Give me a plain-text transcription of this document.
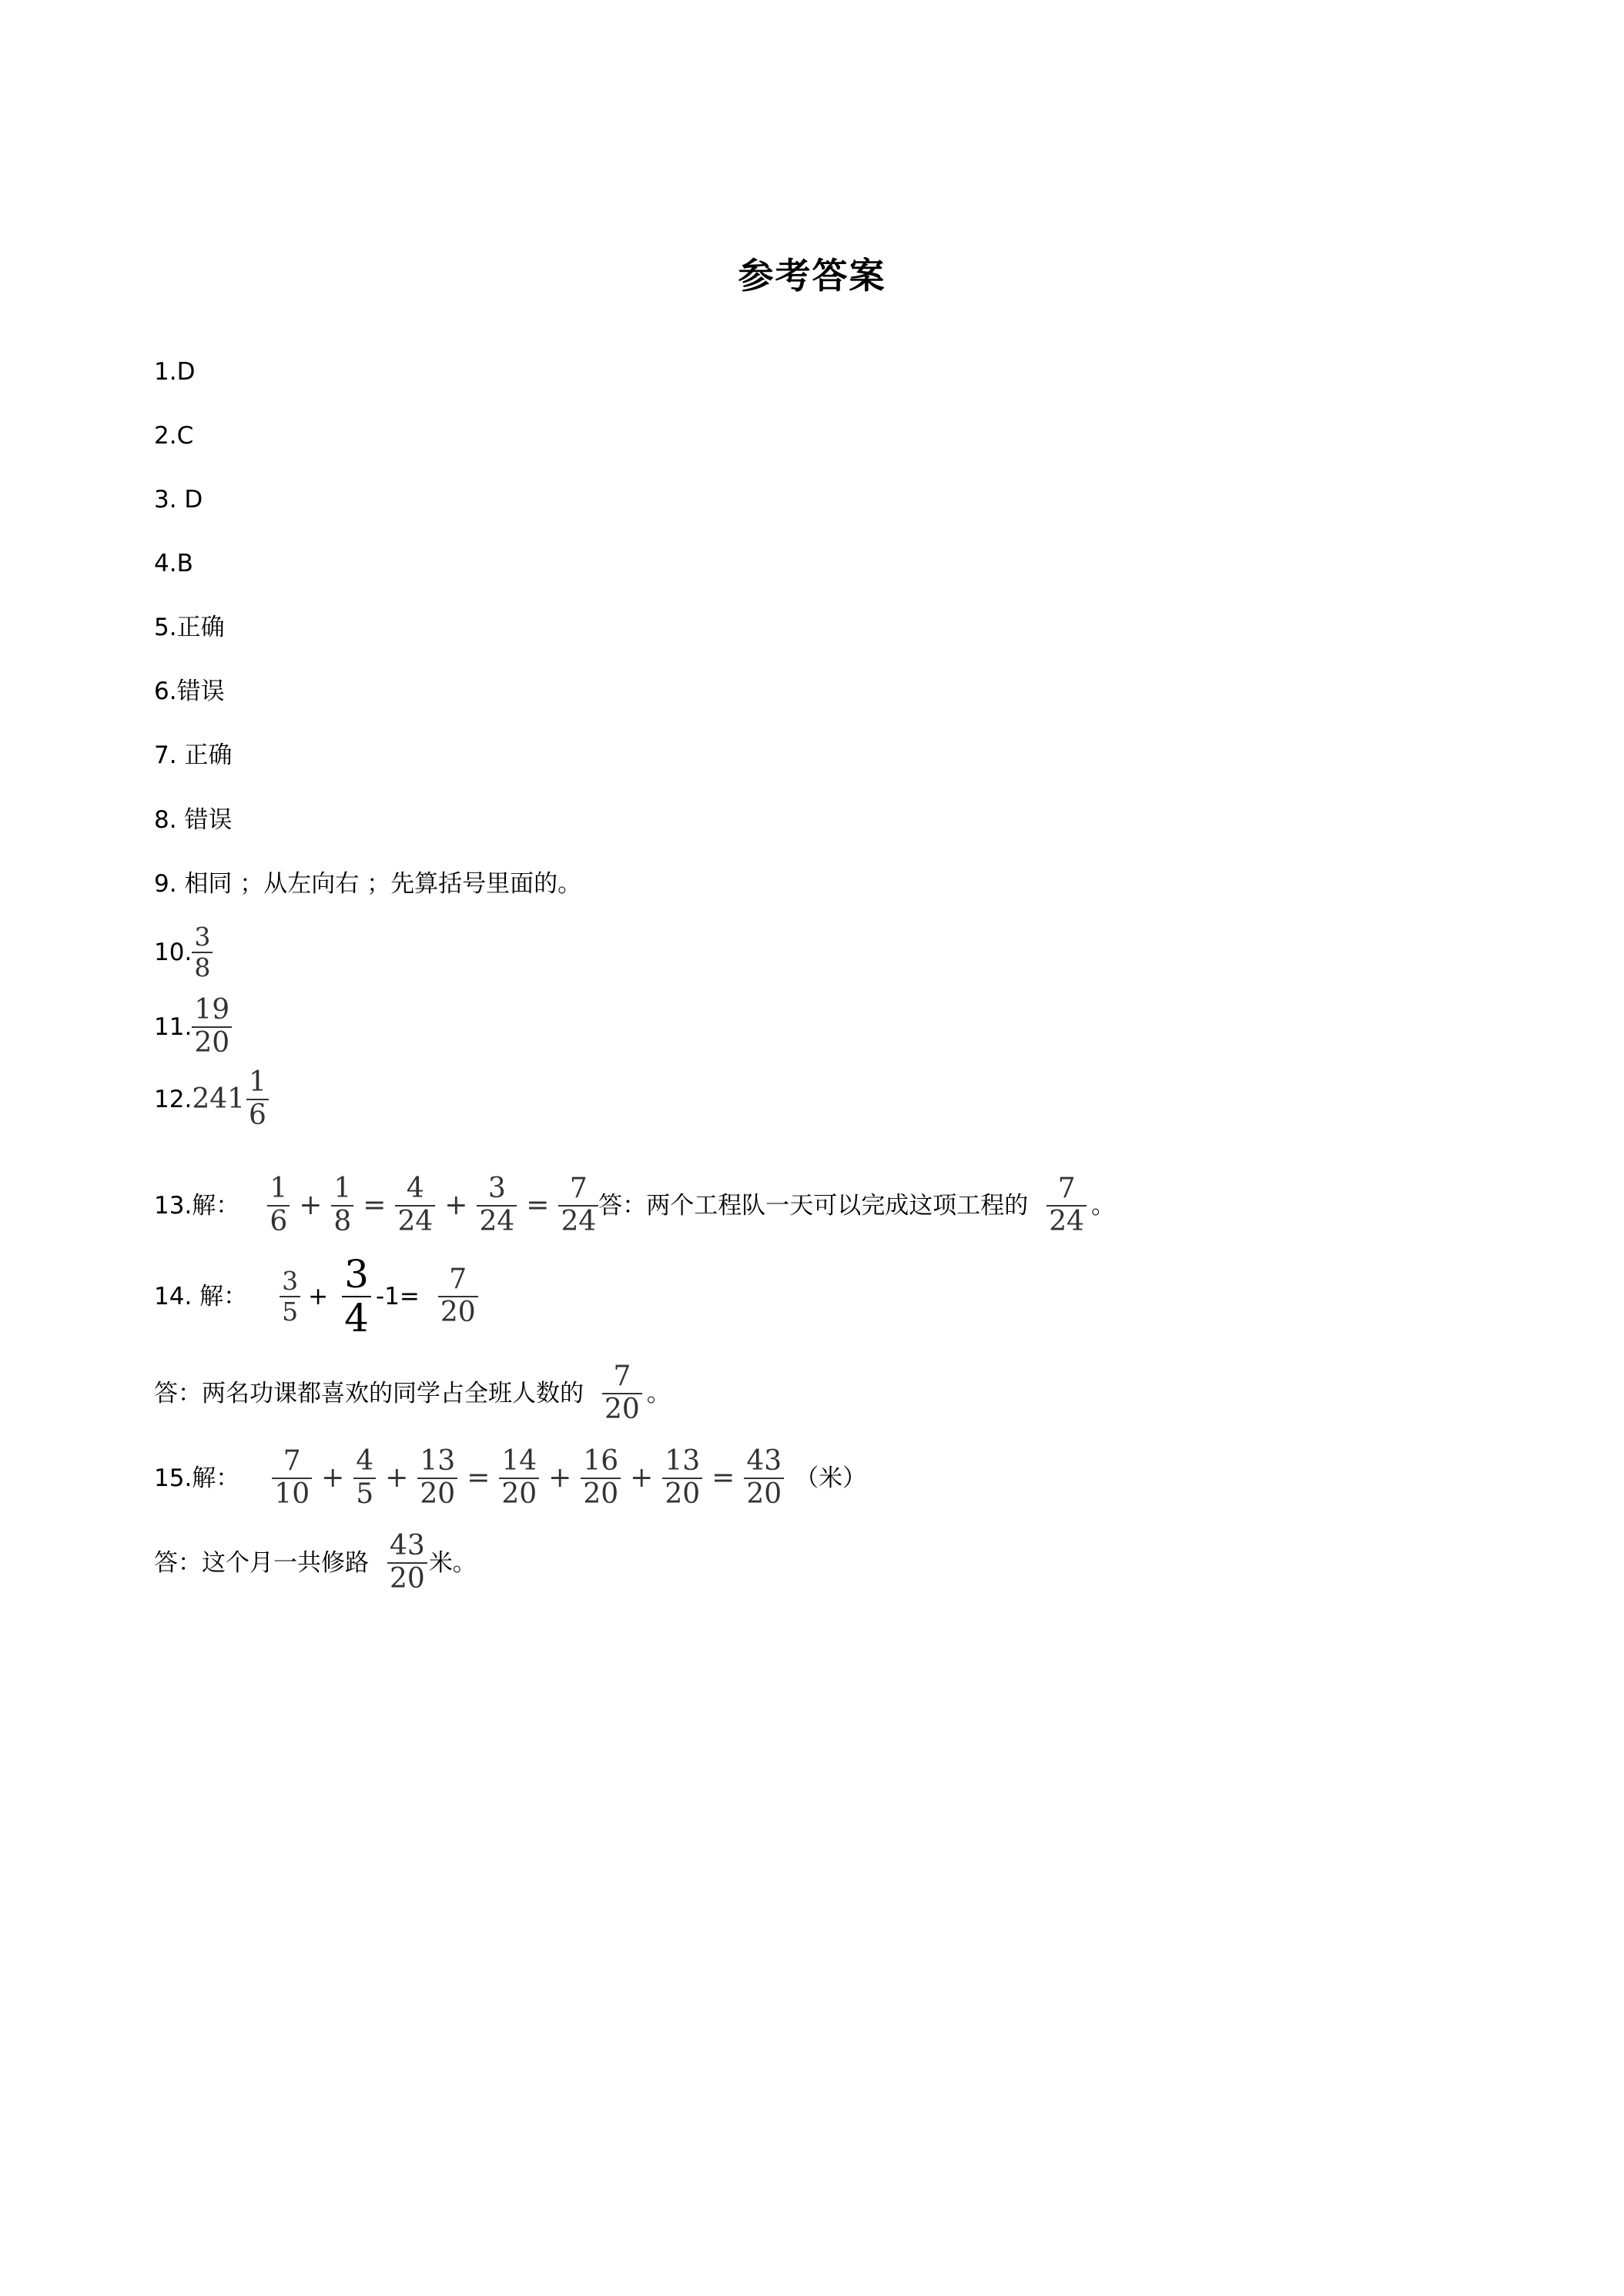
参考答案
1.D
2.C
3. D
4.B
5.正确
6.错误
7. 正确
8. 错误
9. 相同 ；从左向右 ；先算括号里面的。
10. $\frac{3}{8}$
11. $\frac{19}{20}$
12. $241 \frac{1}{6}$
13.解： $\frac{1}{6} + \frac{1}{8} = \frac{4}{24} + \frac{3}{24} = \frac{7}{24}$ 答：两个工程队一天可以完成这项工程的 $\frac{7}{24}$ 。
14. 解： $\frac{3}{5} + \frac{3}{4} -1= \frac{7}{20}$
答：两名功课都喜欢的同学占全班人数的 $\frac{7}{20}$ 。
15.解： $\frac{7}{10} + \frac{4}{5} + \frac{13}{20} = \frac{14}{20} + \frac{16}{20} + \frac{13}{20} = \frac{43}{20}$ （米）
答：这个月一共修路 $\frac{43}{20}$ 米。
